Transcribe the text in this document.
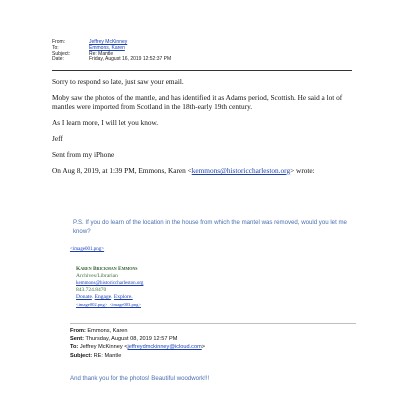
From:	Jeffrey McKinney
To:	Emmons, Karen
Subject:	Re: Mantle
Date:	Friday, August 16, 2019 12:52:37 PM

Sorry to respond so late, just saw your email.

Moby saw the photos of the mantle, and has identified it as Adams period, Scottish. He said a lot of mantles were imported from Scotland in the 18th-early 19th century.

As I learn more, I will let you know.

Jeff

Sent from my iPhone

On Aug 8, 2019, at 1:39 PM, Emmons, Karen <kemmons@historiccharleston.org> wrote:

P.S. If you do learn of the location in the house from which the mantel was removed, would you let me know?
<image001.png>
Karen Brickman Emmons
Archives/Librarian
kemmons@historiccharleston.org
843.724.8470
Donate. Engage. Explore.
<image002.png> <image003.png>
From: Emmons, Karen
Sent: Thursday, August 08, 2019 12:57 PM
To: Jeffrey McKinney <jeffreydmckinney@icloud.com>
Subject: RE: Mantle
And thank you for the photos! Beautiful woodwork!!!
